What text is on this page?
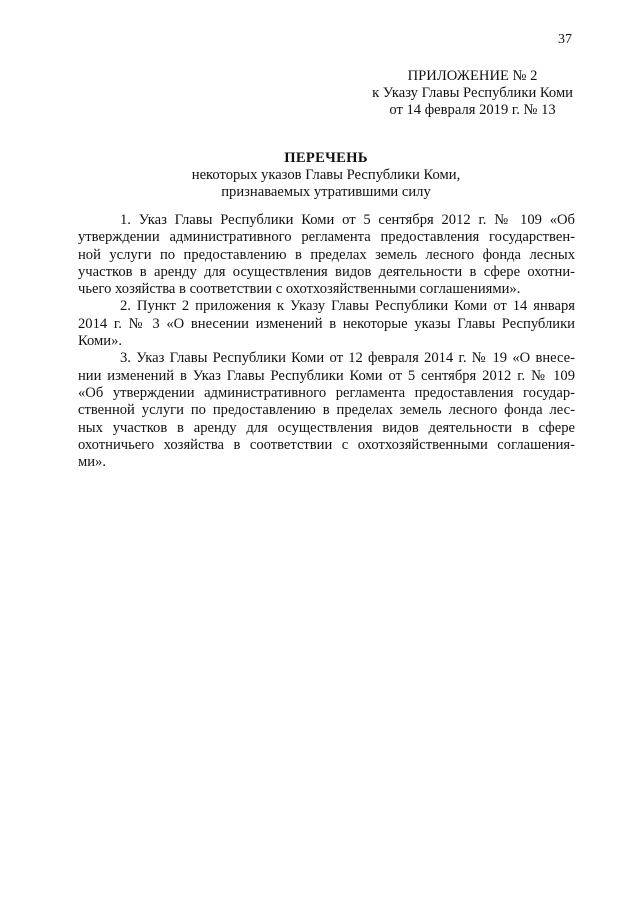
37
ПРИЛОЖЕНИЕ № 2
к Указу Главы Республики Коми
от 14 февраля 2019 г. № 13
ПЕРЕЧЕНЬ
некоторых указов Главы Республики Коми,
признаваемых утратившими силу
1. Указ Главы Республики Коми от 5 сентября 2012 г. № 109 «Об
утверждении административного регламента предоставления государствен-
ной услуги по предоставлению в пределах земель лесного фонда лесных
участков в аренду для осуществления видов деятельности в сфере охотни-
чьего хозяйства в соответствии с охотхозяйственными соглашениями».
2. Пункт 2 приложения к Указу Главы Республики Коми от 14 января
2014 г. № 3 «О внесении изменений в некоторые указы Главы Республики
Коми».
3. Указ Главы Республики Коми от 12 февраля 2014 г. № 19 «О внесе-
нии изменений в Указ Главы Республики Коми от 5 сентября 2012 г. № 109
«Об утверждении административного регламента предоставления государ-
ственной услуги по предоставлению в пределах земель лесного фонда лес-
ных участков в аренду для осуществления видов деятельности в сфере
охотничьего хозяйства в соответствии с охотхозяйственными соглашения-
ми».
